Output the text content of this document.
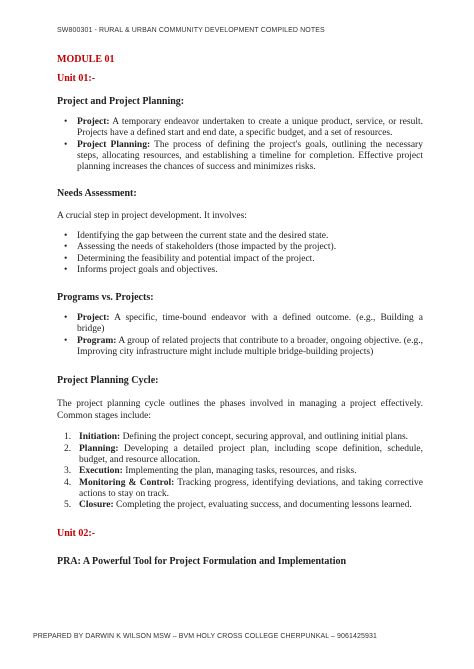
SW800301 - RURAL & URBAN COMMUNITY DEVELOPMENT COMPILED NOTES
MODULE 01
Unit 01:-
Project and Project Planning:
• Project: A temporary endeavor undertaken to create a unique product, service, or result. Projects have a defined start and end date, a specific budget, and a set of resources.
• Project Planning: The process of defining the project's goals, outlining the necessary steps, allocating resources, and establishing a timeline for completion. Effective project planning increases the chances of success and minimizes risks.
Needs Assessment:

A crucial step in project development. It involves:

• Identifying the gap between the current state and the desired state.
• Assessing the needs of stakeholders (those impacted by the project).
• Determining the feasibility and potential impact of the project.
• Informs project goals and objectives.
Programs vs. Projects:
• Project: A specific, time-bound endeavor with a defined outcome. (e.g., Building a bridge)
• Program: A group of related projects that contribute to a broader, ongoing objective. (e.g., Improving city infrastructure might include multiple bridge-building projects)
Project Planning Cycle:

The project planning cycle outlines the phases involved in managing a project effectively. Common stages include:

1. Initiation: Defining the project concept, securing approval, and outlining initial plans.
2. Planning: Developing a detailed project plan, including scope definition, schedule, budget, and resource allocation.
3. Execution: Implementing the plan, managing tasks, resources, and risks.
4. Monitoring & Control: Tracking progress, identifying deviations, and taking corrective actions to stay on track.
5. Closure: Completing the project, evaluating success, and documenting lessons learned.
Unit 02:-
PRA: A Powerful Tool for Project Formulation and Implementation
PREPARED BY DARWIN K WILSON MSW – BVM HOLY CROSS COLLEGE CHERPUNKAL – 9061425931
